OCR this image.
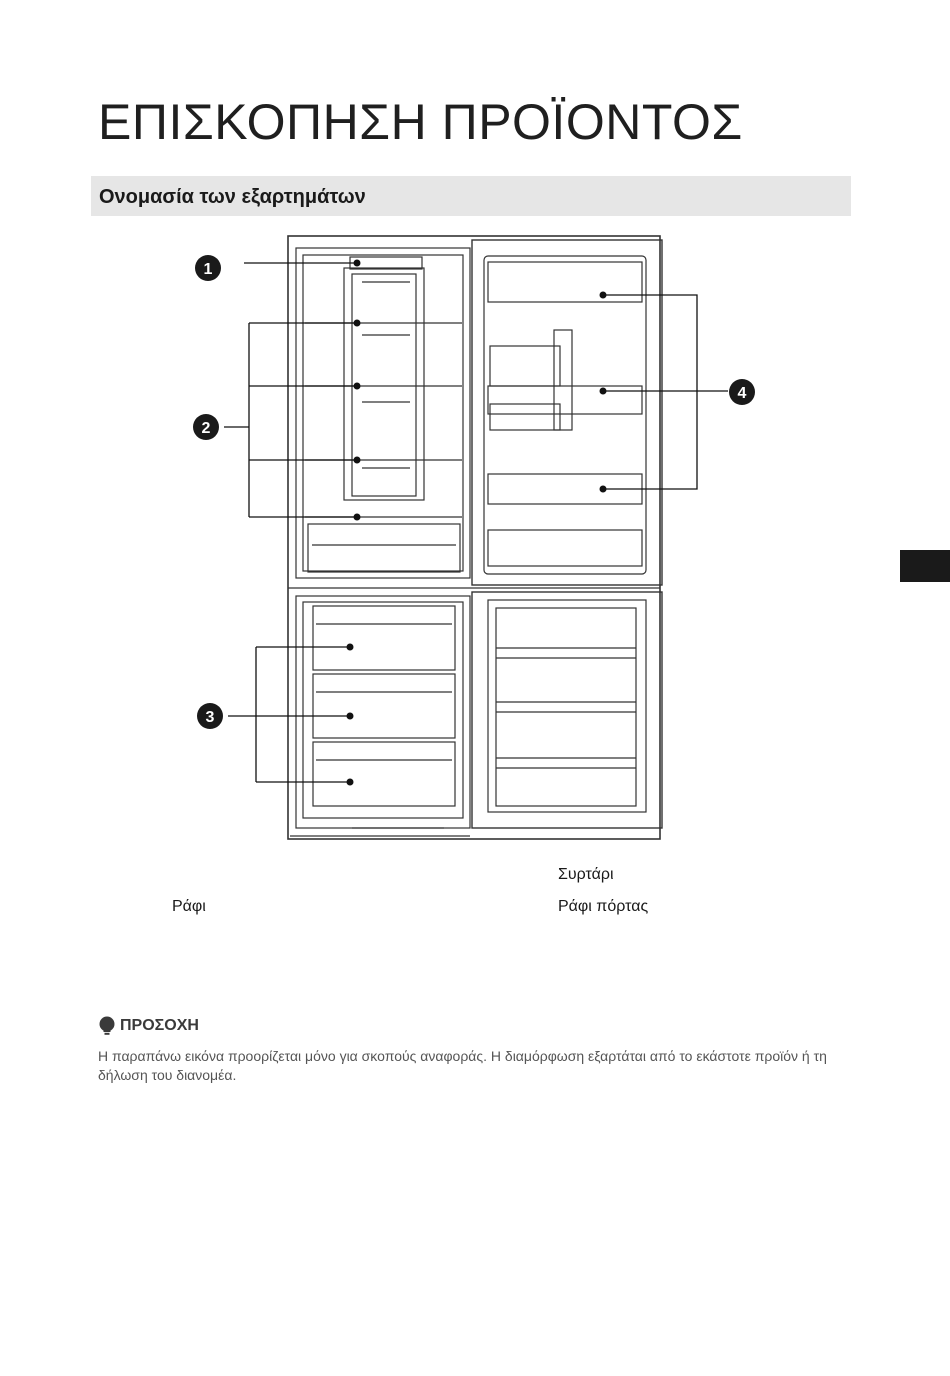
ΕΠΙΣΚΟΠΗΣΗ ΠΡΟΪΟΝΤΟΣ
Ονομασία των εξαρτημάτων
1
2
3
4
Συρτάρι
Ράφι	Ράφι πόρτας
ΠΡΟΣΟΧΗ
Η παραπάνω εικόνα προορίζεται μόνο για σκοπούς αναφοράς. Η διαμόρφωση εξαρτάται από το εκάστοτε προϊόν ή τη δήλωση του διανομέα.
